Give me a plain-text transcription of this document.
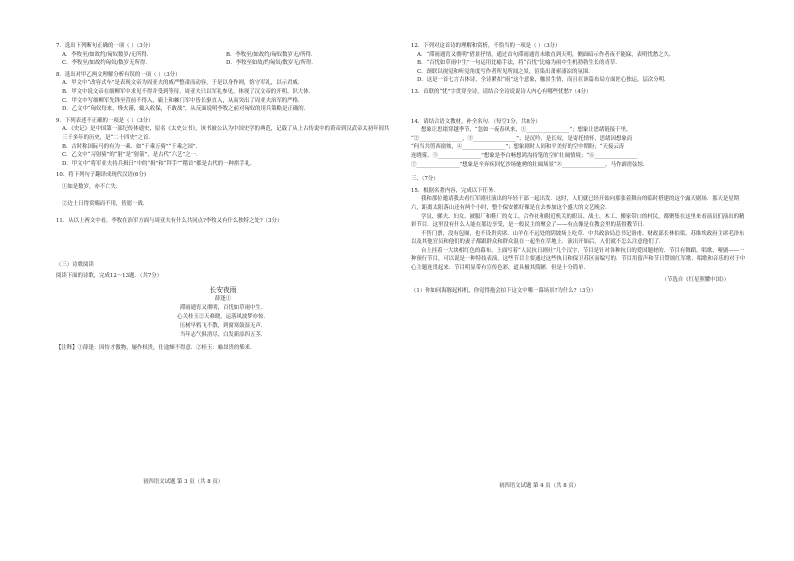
7．选出下列断句正确的一项（ ）（3分）
A．李牧至/如故约/匈奴数岁/无所得．	B．李牧至/如故约/匈奴数岁无/所得．
C．李牧至/如故约匈奴/数岁无所得．	D．李牧至如故/约匈奴/数岁无/所得．
8．选出对甲乙两文理解分析有误的一项（ ）（3分）
A．甲文中“改容式车”是表现文帝为周亚夫的威严整肃而动容，于是以身作则，恪守军礼，以示君威．
B．甲文中说文帝在细柳军中求见不得并受到等待，周亚夫只以军礼参见，体现了汉文帝的开明、识大体．
C．甲文中写细柳军先锋至营前不得入，霸上和棘门军中皆长驱直入，从而突出了周亚夫治军的严格．
D．乙文中“匈奴每来，烽火谨，辄入收保，不敢战”，从反面说明李牧之前对匈奴的用兵策略是正确的．
9．下列表述不正确的一项是（ ）（3分）
A．《史记》是中国第一部纪传体通史，原名《太史公书》，该书被公认为中国史学的典范，记载了从上古传说中的黄帝到汉武帝太初年间共三千多年的历史，是“二十四史”之首．
B．古时称国际马的有为一乘．如“千乘万骑”“千乘之国”．
C．乙文中“习射骑”的“射”是“射箭”，是古代“六艺”之一．
D．甲文中“将军亚夫持兵揖曰”中的“揖”和“拜手”“稽首”都是古代的一种拱手礼．
10．将下列句子翻译成现代汉语(6分)
①如是数岁，亦不亡失．
②边士日得赏赐而不用，皆愿一战．
11．从以上两文中看，李牧在治军方面与周亚夫有什么共同点?李牧又有什么独特之处?（3分）
（三）诗歌阅读
阅读下面的诗歌，完成12～13题．（共7分）
长安夜雨
薛逢①
滞雨通宵又彻明，百忧如草雨中生．
心关桂玉②天难晓，运落风波梦亦惊．
压树早鸦飞不散，到窗寒鼓湿无声．
当年志气俱消尽，白发新添四五茎．
【注释】①薛逢：因恃才傲物，屡作权贵，仕途颇不得意．②桂玉：喻昂贵的柴米．
初四语文试题 第 3 页（共 8 页）
12．下列对这首诗的理解和赏析，不恰当的一项是（ ）（3分）
A．“滞雨通宵又彻明”借景抒情，通过首句滞雨通宵未歇直到天明，侧面暗示作者夜不能寐，表明忧愁之久．
B．“百忧如草雨中生”一句运用比喻手法，将“百忧”比喻为雨中生机勃勃生长的青草．
C．颈联以视觉和听觉角度写作者所见所闻之景，渲染出萧索凄凉的氛围．
D．这是一首七言古体诗，全诗紧扣“雨”这个意象，触景生情，而且在该篇布局方面匠心独运，层次分明．
13．首联的“忧”字贯穿全诗，请结合全诗说说诗人内心有哪些忧愁?（4分）
14．请结合语文教材，补全名句．（每空1分，共8分）
想象让思绪穿越季节，“忽如一夜春风来，①________________”；想象让思绪链接千里，
“②________________，③________________”；是沉吟，是长叹，是寄托情怀，思绪因想象而
“何当共剪西窗烛，④________________”；想象剧时人间和平美好的空中期盼；“天接云涛
连晓雾，⑤________________”想象是李白畅想鸿沟持笔的空旷壮阔情境；“⑥________________
⑦________________”想象是辛弃疾回忆沙场驰骋的壮阔场景“⑧________________，马作霹雳弦惊．
三、（7分）
15．根据名著内容，完成以下任务．
我和那位邀请我去看红军剧社演出的年轻干部一起出发．这时，人们就已经开始向那张着舞台的临时搭建的这个露天剧场．那天是星期六，距离太阳落山还有两个小时，整个保安都好像是在去参加这个盛大的文艺晚会．
学员、骡夫、妇女、被服厂和鞋厂的女工，合作社和附近机关的职员、战士、木工、搬家带口的村民，都聚集在这里来看演员们演出的精彩节目．这里没有什么人能在那边享受，是一般民主的聚会了——有点像是在教会里的基督教节日．
不售门票，没有包厢，也不设贵宾席．山羊在不远处的阴坡场上吃草．中共政治局总书记洛甫、财政部长林伯渠、苏维埃政府主席毛泽东以及其他官员和他们的妻子都跟群众和群众混在一起坐在草地上．演出开始后，人们就不怎么注意他们了．
台上挂着一大块相红色的幕布，上面写着“人民抗日剧社”几个汉字，节目是针对各种抗日的爱国题材的．节目有舞蹈、唱歌、哑剧——一种预行节目，可以说是一种特技表演，这些节目主要通过这些执日和保卫苏区而编写的．节目用留声和节日赞颂红军歌．唱歌和音乐的对于中心主题连贯起来．节目明显带有宣传色彩，道具极其简陋．但是十分简单．
（节选自《红星照耀中国》）
（1）你如同海豚起相机，你觉得抱会拍下这文中哪一幕场景?为什么?（3分）
初四语文试题 第 4 页（共 8 页）
